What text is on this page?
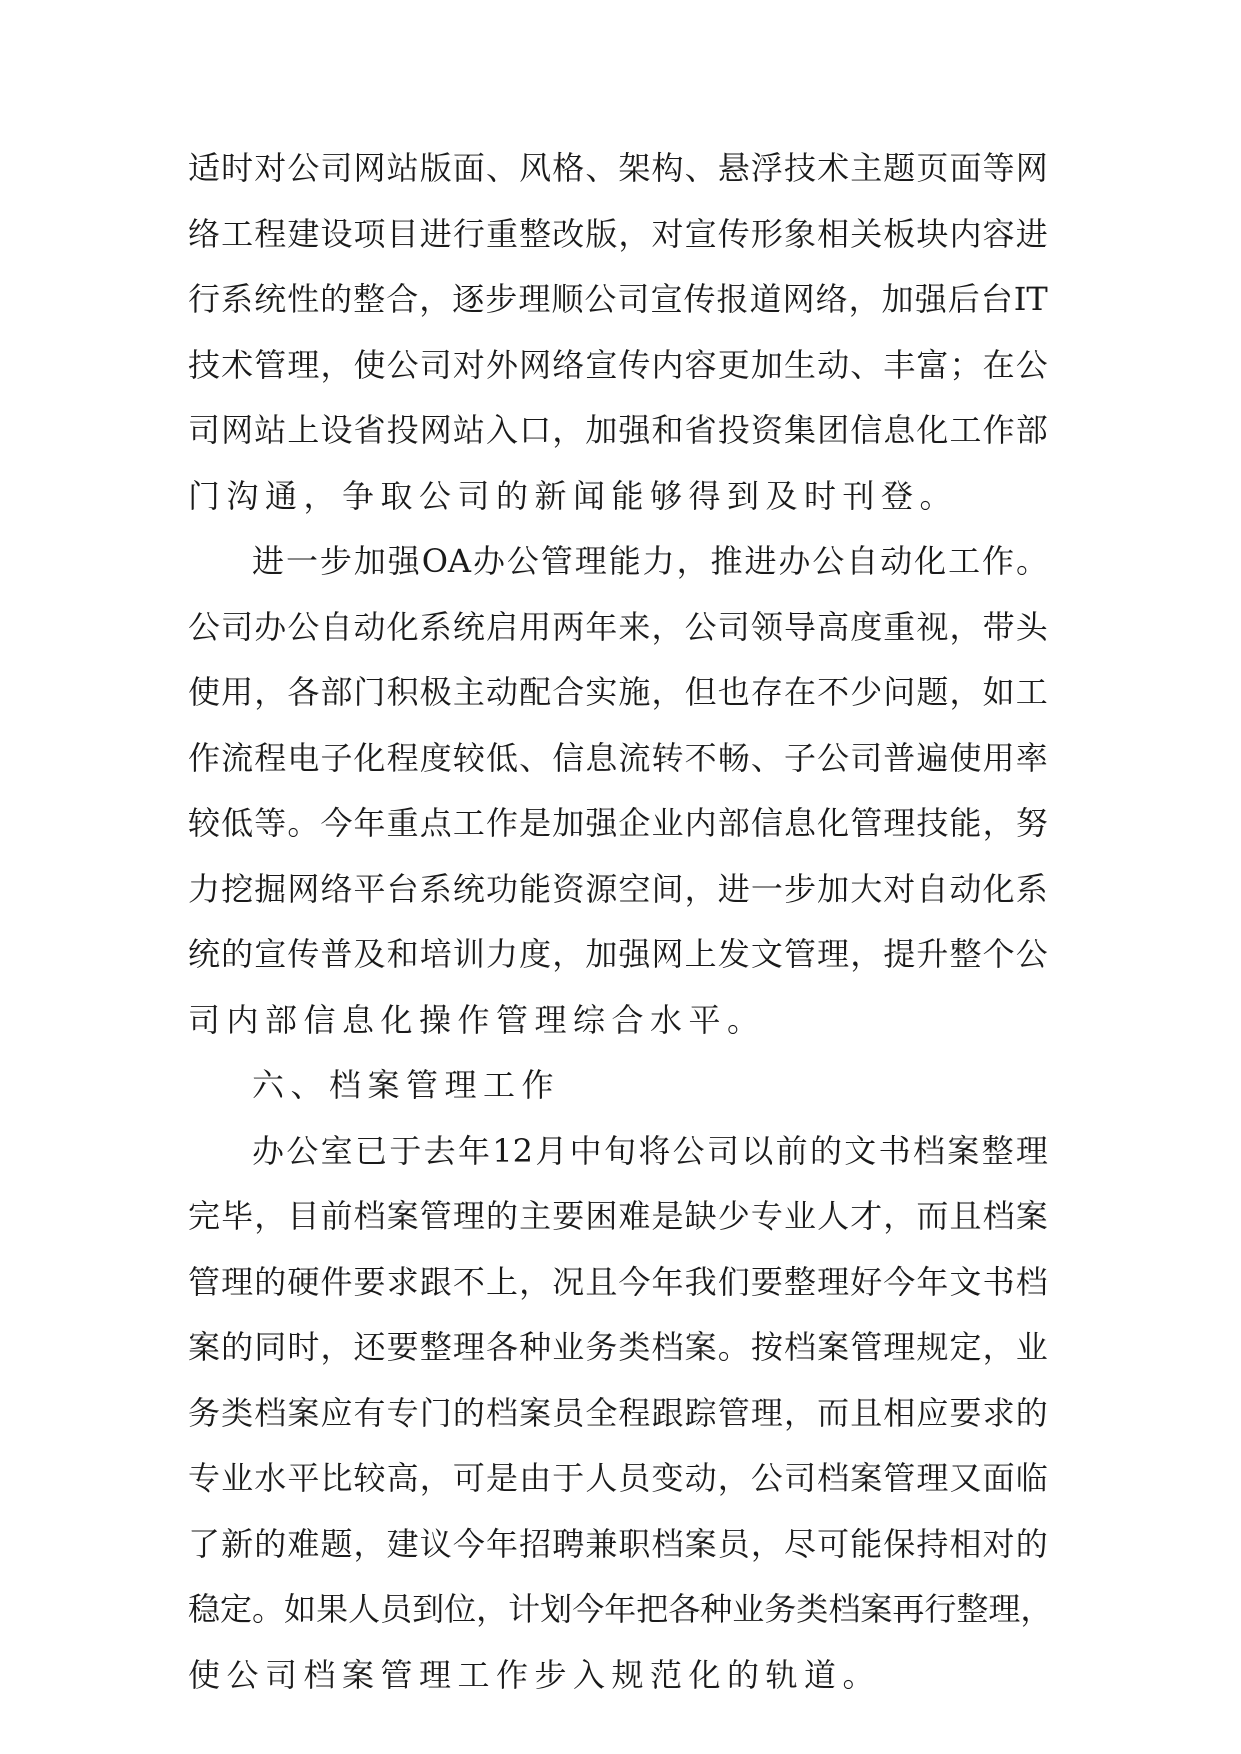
适 时 对 公 司 网 站 版 面 、 风 格 、 架 构 、 悬 浮 技 术 主 题 页 面 等 网
络 工 程 建 设 项 目 进 行 重 整 改 版 ， 对 宣 传 形 象 相 关 板 块 内 容 进
行 系 统 性 的 整 合 ， 逐 步 理 顺 公 司 宣 传 报 道 网 络 ， 加 强 后 台 IT
技 术 管 理 ， 使 公 司 对 外 网 络 宣 传 内 容 更 加 生 动 、 丰 富 ； 在 公
司 网 站 上 设 省 投 网 站 入 口 ， 加 强 和 省 投 资 集 团 信 息 化 工 作 部
门沟通，争取公司的新闻能够得到及时刊登。
进 一 步 加 强 OA 办 公 管 理 能 力 ， 推 进 办 公 自 动 化 工 作 。
公 司 办 公 自 动 化 系 统 启 用 两 年 来 ， 公 司 领 导 高 度 重 视 ， 带 头
使 用 ， 各 部 门 积 极 主 动 配 合 实 施 ， 但 也 存 在 不 少 问 题 ， 如 工
作 流 程 电 子 化 程 度 较 低 、 信 息 流 转 不 畅 、 子 公 司 普 遍 使 用 率
较 低 等 。 今 年 重 点 工 作 是 加 强 企 业 内 部 信 息 化 管 理 技 能 ， 努
力 挖 掘 网 络 平 台 系 统 功 能 资 源 空 间 ， 进 一 步 加 大 对 自 动 化 系
统 的 宣 传 普 及 和 培 训 力 度 ， 加 强 网 上 发 文 管 理 ， 提 升 整 个 公
司内部信息化操作管理综合水平。
六、档案管理工作
办 公 室 已 于 去 年 12 月 中 旬 将 公 司 以 前 的 文 书 档 案 整 理
完 毕 ， 目 前 档 案 管 理 的 主 要 困 难 是 缺 少 专 业 人 才 ， 而 且 档 案
管 理 的 硬 件 要 求 跟 不 上 ， 况 且 今 年 我 们 要 整 理 好 今 年 文 书 档
案 的 同 时 ， 还 要 整 理 各 种 业 务 类 档 案 。 按 档 案 管 理 规 定 ， 业
务 类 档 案 应 有 专 门 的 档 案 员 全 程 跟 踪 管 理 ， 而 且 相 应 要 求 的
专 业 水 平 比 较 高 ， 可 是 由 于 人 员 变 动 ， 公 司 档 案 管 理 又 面 临
了 新 的 难 题 ， 建 议 今 年 招 聘 兼 职 档 案 员 ， 尽 可 能 保 持 相 对 的
稳 定 。 如 果 人 员 到 位 ， 计 划 今 年 把 各 种 业 务 类 档 案 再 行 整 理 ，
使公司档案管理工作步入规范化的轨道。
